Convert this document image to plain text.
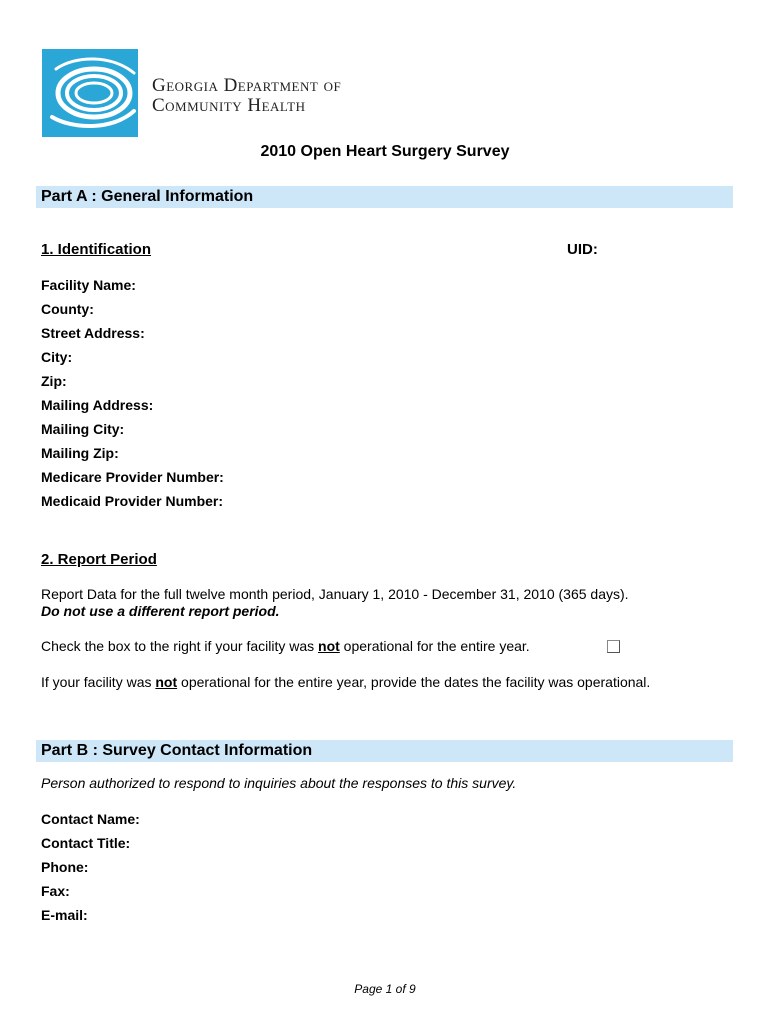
Georgia Department of
Community Health
2010 Open Heart Surgery Survey
Part A : General Information
1. Identification	UID:
Facility Name:
County:
Street Address:
City:
Zip:
Mailing Address:
Mailing City:
Mailing Zip:
Medicare Provider Number:
Medicaid Provider Number:
2. Report Period
Report Data for the full twelve month period, January 1, 2010 - December 31, 2010 (365 days).
Do not use a different report period.
Check the box to the right if your facility was not operational for the entire year.
If your facility was not operational for the entire year, provide the dates the facility was operational.
Part B : Survey Contact Information
Person authorized to respond to inquiries about the responses to this survey.
Contact Name:
Contact Title:
Phone:
Fax:
E-mail:
Page 1 of 9
